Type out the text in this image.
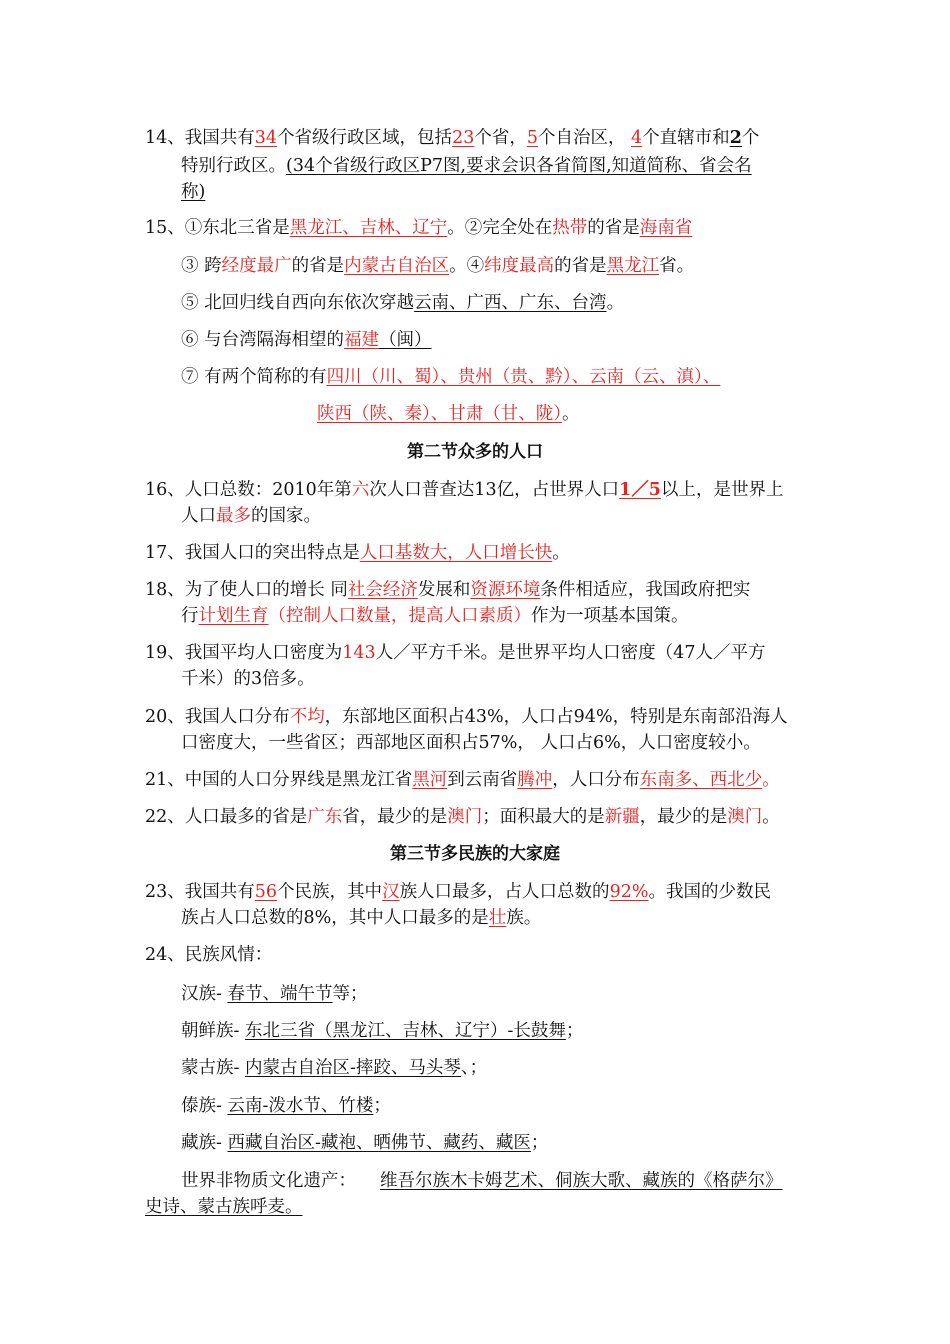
14、我国共有34个省级行政区域，包括23个省，5个自治区， 4个直辖市和2个
特别行政区。(34个省级行政区P7图,要求会识各省简图,知道简称、省会名
称)
15、①东北三省是黑龙江、吉林、辽宁。②完全处在热带的省是海南省
③ 跨经度最广的省是内蒙古自治区。④纬度最高的省是黑龙江省。
⑤ 北回归线自西向东依次穿越云南、广西、广东、台湾。
⑥ 与台湾隔海相望的福建（闽）
⑦ 有两个简称的有四川（川、蜀）、贵州（贵、黔）、云南（云、滇）、
陕西（陕、秦）、甘肃（甘、陇）。
第二节众多的人口
16、人口总数：2010年第六次人口普查达13亿，占世界人口1／5以上，是世界上
人口最多的国家。
17、我国人口的突出特点是人口基数大，人口增长快。
18、为了使人口的增长 同社会经济发展和资源环境条件相适应，我国政府把实
行计划生育（控制人口数量，提高人口素质）作为一项基本国策。
19、我国平均人口密度为143人／平方千米。是世界平均人口密度（47人／平方
千米）的3倍多。
20、我国人口分布不均，东部地区面积占43%，人口占94%，特别是东南部沿海人
口密度大，一些省区；西部地区面积占57%， 人口占6%，人口密度较小。
21、中国的人口分界线是黑龙江省黑河到云南省腾冲，人口分布东南多、西北少。
22、人口最多的省是广东省，最少的是澳门；面积最大的是新疆，最少的是澳门。
第三节多民族的大家庭
23、我国共有56个民族，其中汉族人口最多，占人口总数的92%。我国的少数民
族占人口总数的8%，其中人口最多的是壮族。
24、民族风情：
汉族- 春节、端午节等；
朝鲜族- 东北三省（黑龙江、吉林、辽宁）-长鼓舞；
蒙古族- 内蒙古自治区-摔跤、马头琴、；
傣族- 云南-泼水节、竹楼；
藏族- 西藏自治区-藏袍、晒佛节、藏药、藏医；
世界非物质文化遗产： 维吾尔族木卡姆艺术、侗族大歌、藏族的《格萨尔》
史诗、蒙古族呼麦。
